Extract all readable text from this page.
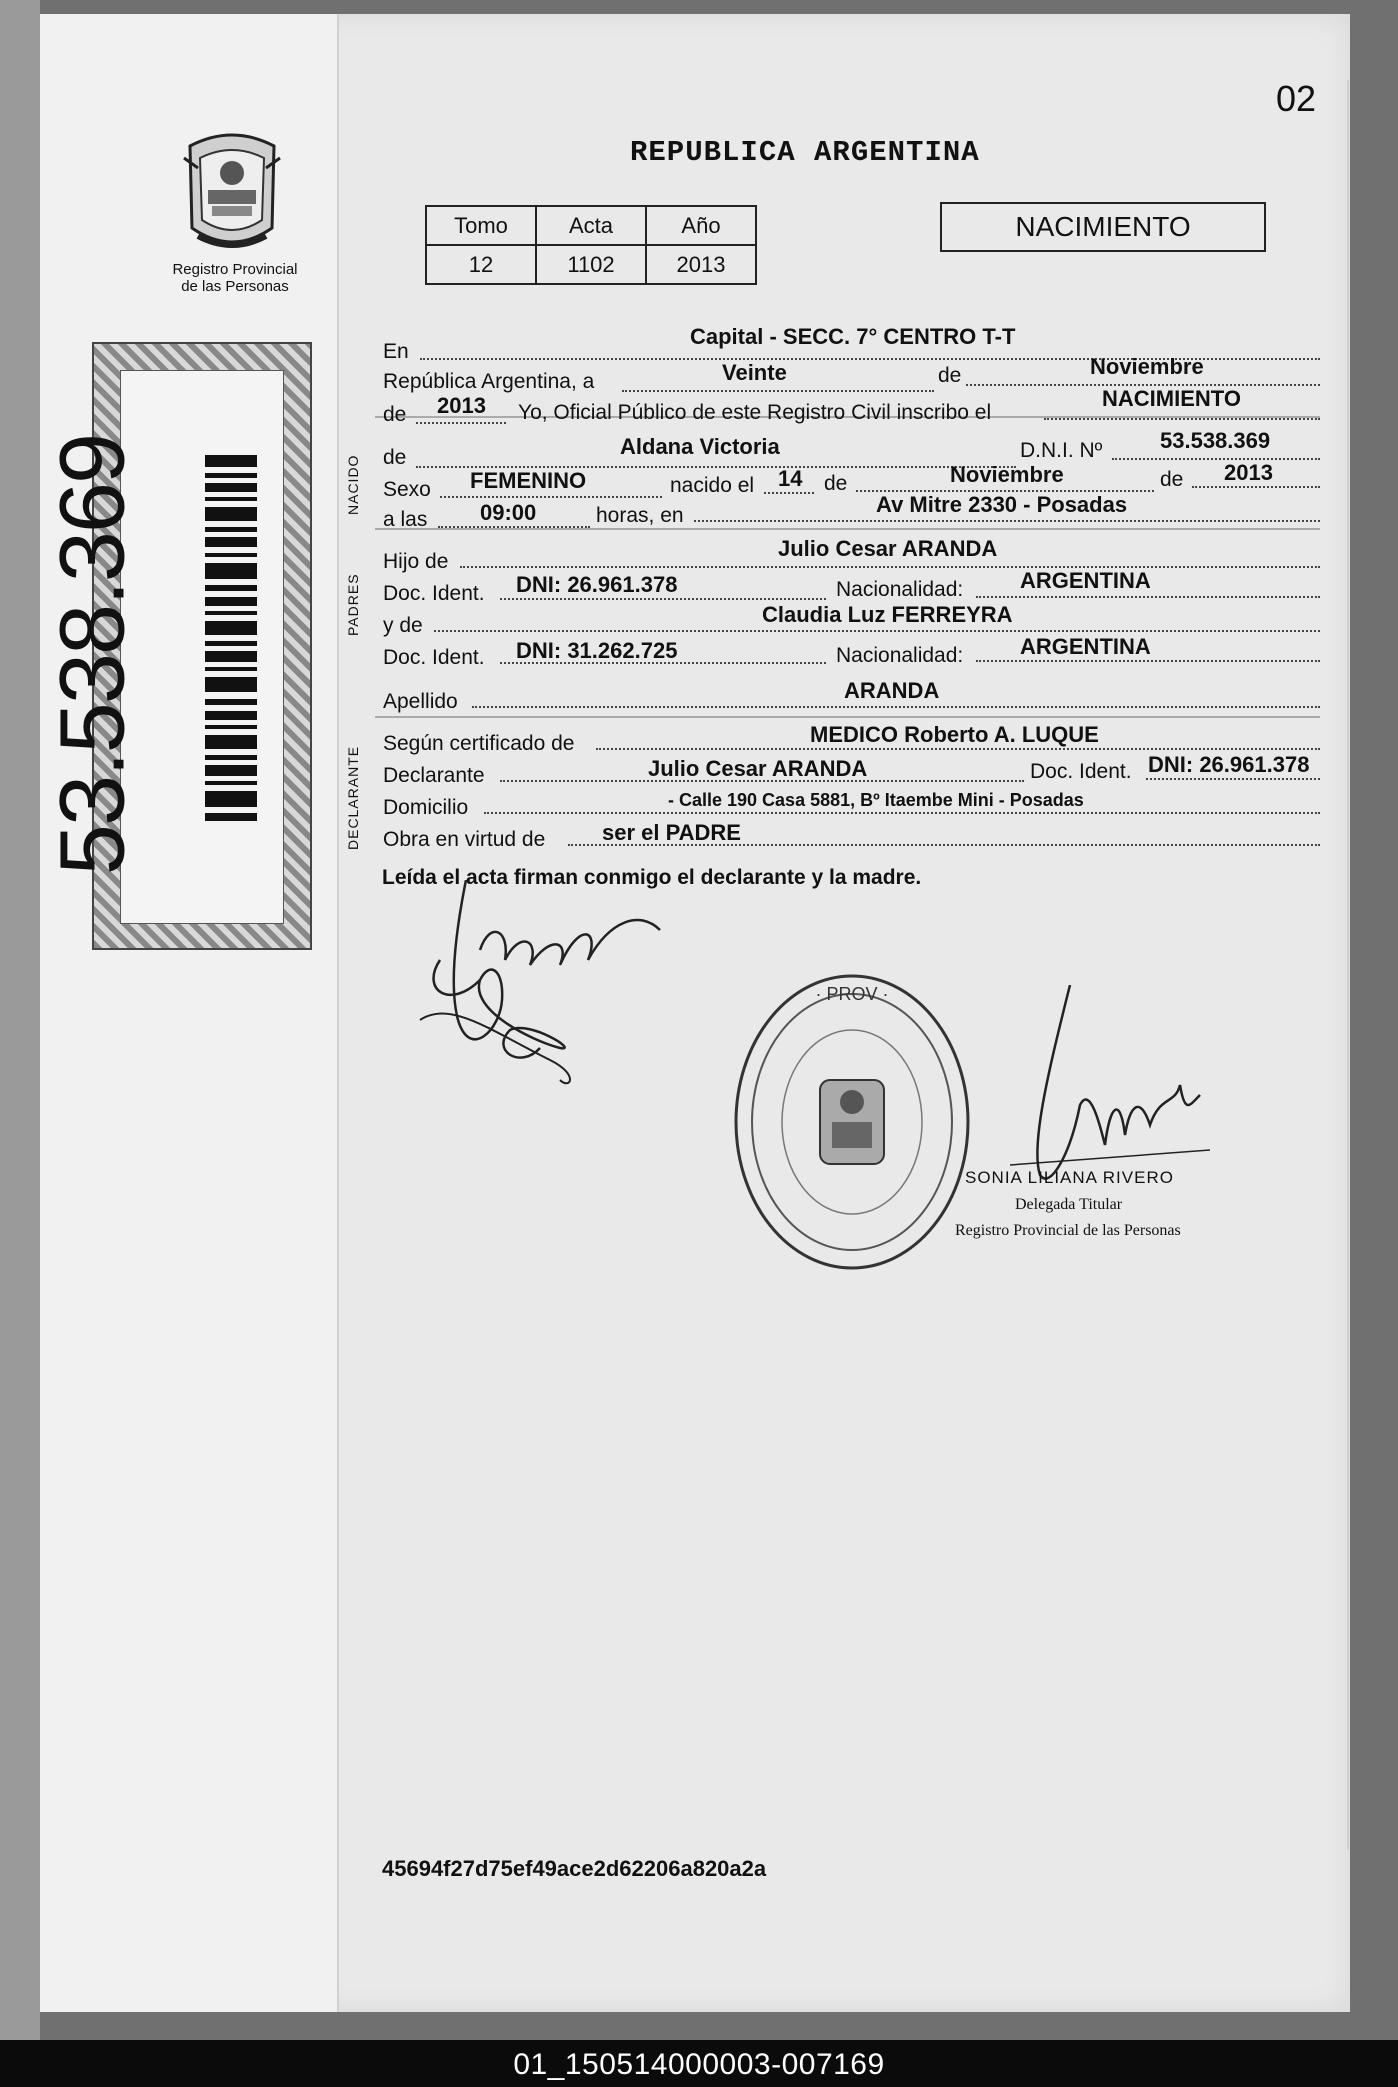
02
Registro Provincial
de las Personas
53.538.369
REPUBLICA ARGENTINA
Tomo	Acta	Año
12	1102	2013
NACIMIENTO
NACIDO
PADRES
DECLARANTE
En
Capital - SECC. 7° CENTRO T-T
República Argentina, a	Veinte	de	Noviembre
de 2013 Yo, Oficial Público de este Registro Civil inscribo el
NACIMIENTO
de	Aldana Victoria	D.N.I. Nº	53.538.369
Sexo FEMENINO	nacido el 14 de	Noviembre	de 2013
a las 09:00	horas, en	Av Mitre 2330 - Posadas
Hijo de
Julio Cesar ARANDA
Doc. Ident. DNI: 26.961.378	Nacionalidad:	ARGENTINA
y de	Claudia Luz FERREYRA
Doc. Ident. DNI: 31.262.725	Nacionalidad:	ARGENTINA
Apellido	ARANDA
Según certificado de	MEDICO Roberto A. LUQUE
Declarante	Julio Cesar ARANDA	Doc. Ident. DNI: 26.961.378
Domicilio	- Calle 190 Casa 5881, Bº Itaembe Mini - Posadas
Obra en virtud de	ser el PADRE
Leída el acta firman conmigo el declarante y la madre.
· PROV ·
SONIA LILIANA RIVERO
Delegada Titular
Registro Provincial de las Personas
45694f27d75ef49ace2d62206a820a2a
01_150514000003-007169
